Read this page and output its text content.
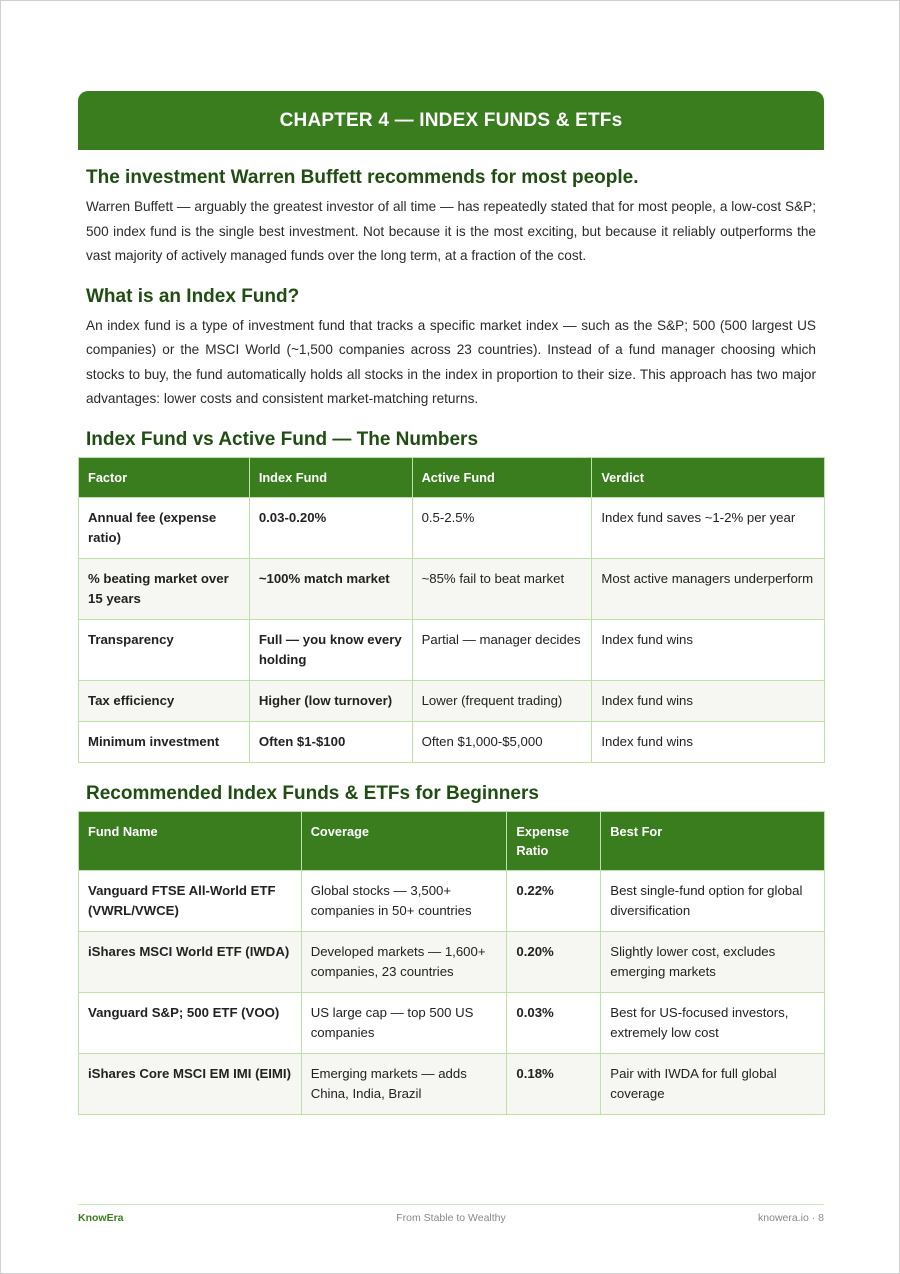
CHAPTER 4 — INDEX FUNDS & ETFs
The investment Warren Buffett recommends for most people.

Warren Buffett — arguably the greatest investor of all time — has repeatedly stated that for most people, a low-cost S&P; 500 index fund is the single best investment. Not because it is the most exciting, but because it reliably outperforms the vast majority of actively managed funds over the long term, at a fraction of the cost.

What is an Index Fund?

An index fund is a type of investment fund that tracks a specific market index — such as the S&P; 500 (500 largest US companies) or the MSCI World (~1,500 companies across 23 countries). Instead of a fund manager choosing which stocks to buy, the fund automatically holds all stocks in the index in proportion to their size. This approach has two major advantages: lower costs and consistent market-matching returns.

Index Fund vs Active Fund — The Numbers
Factor	Index Fund	Active Fund	Verdict
Annual fee (expense ratio)	0.03-0.20%	0.5-2.5%	Index fund saves ~1-2% per year
% beating market over 15 years	~100% match market	~85% fail to beat market	Most active managers underperform
Transparency	Full — you know every holding	Partial — manager decides	Index fund wins
Tax efficiency	Higher (low turnover)	Lower (frequent trading)	Index fund wins
Minimum investment	Often $1-$100	Often $1,000-$5,000	Index fund wins
Recommended Index Funds & ETFs for Beginners
Fund Name	Coverage	Expense Ratio	Best For
Vanguard FTSE All-World ETF (VWRL/VWCE)	Global stocks — 3,500+ companies in 50+ countries	0.22%	Best single-fund option for global diversification
iShares MSCI World ETF (IWDA)	Developed markets — 1,600+ companies, 23 countries	0.20%	Slightly lower cost, excludes emerging markets
Vanguard S&P; 500 ETF (VOO)	US large cap — top 500 US companies	0.03%	Best for US-focused investors, extremely low cost
iShares Core MSCI EM IMI (EIMI)	Emerging markets — adds China, India, Brazil	0.18%	Pair with IWDA for full global coverage
KnowEra	From Stable to Wealthy	knowera.io · 8
